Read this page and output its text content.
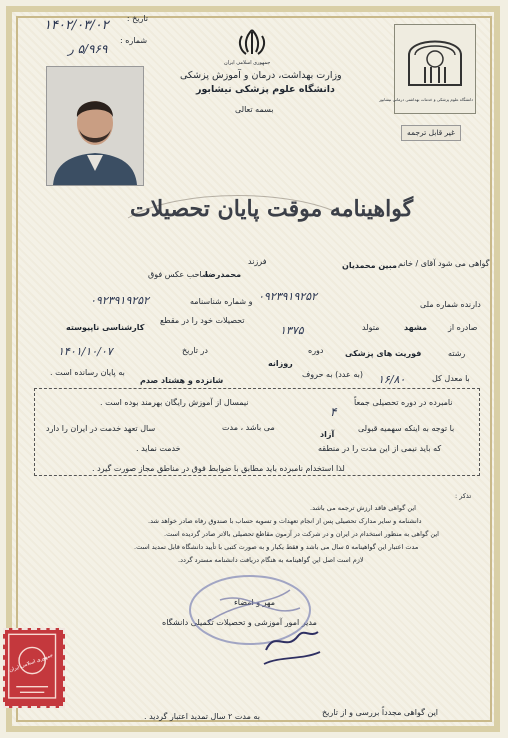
تاریخ :
۱۴۰۲/۰۳/۰۲
شماره :
۵/۹۶۹ ر
جمهوری اسلامی ایران
وزارت بهداشت، درمان و آموزش پزشکی
دانشگاه علوم پزشکی نیشابور
بسمه تعالی
دانشگاه علوم پزشکی و خدمات بهداشتی درمانی نیشابور
غیر قابل ترجمه
گواهینامه موقت پایان تحصیلات
گواهی می شود آقای / خانم
مبین محمدیان
فرزند
محمدرضا
صاحب عکس فوق
دارنده شماره ملی
۰۹۲۳۹۱۹۲۵۲
و شماره شناسنامه
۰۹۲۳۹۱۹۲۵۲
صادره از
مشهد
متولد
۱۳۷۵
تحصیلات خود را در مقطع
کارشناسی ناپیوسته
رشته
فوریت های پزشکی
دوره
روزانه
در تاریخ
۱۴۰۱/۱۰/۰۷
با معدل کل
۱۶/۸۰
(به عدد) به حروف
شانزده و هشتاد صدم
به پایان رسانده است .
نامبرده در دوره تحصیلی جمعاً
۴
نیمسال از آموزش رایگان بهرمند بوده است .
با توجه به اینکه سهمیه قبولی
آزاد
می باشد ، مدت
سال تعهد خدمت در ایران را دارد
که باید نیمی از این مدت را در منطقه
خدمت نماید .
لذا استخدام نامبرده باید مطابق با ضوابط فوق در مناطق مجاز صورت گیرد .
تذکر :
این گواهی فاقد ارزش ترجمه می باشد.
دانشنامه و سایر مدارک تحصیلی پس از انجام تعهدات و تسویه حساب با صندوق رفاه صادر خواهد شد.
این گواهی به منظور استخدام در ایران و در شرکت در آزمون مقاطع تحصیلی بالاتر صادر گردیده است.
مدت اعتبار این گواهینامه ۵ سال می باشد و فقط یکبار و به صورت کتبی با تأیید دانشگاه قابل تمدید است.
لازم است اصل این گواهینامه به هنگام دریافت دانشنامه مسترد گردد.
مهر و امضاء
مدیر امور آموزشی و تحصیلات تکمیلی دانشگاه
جمهوری اسلامی ایران
این گواهی مجدداً بررسی و از تاریخ
به مدت ۲ سال تمدید اعتبار گردید .
